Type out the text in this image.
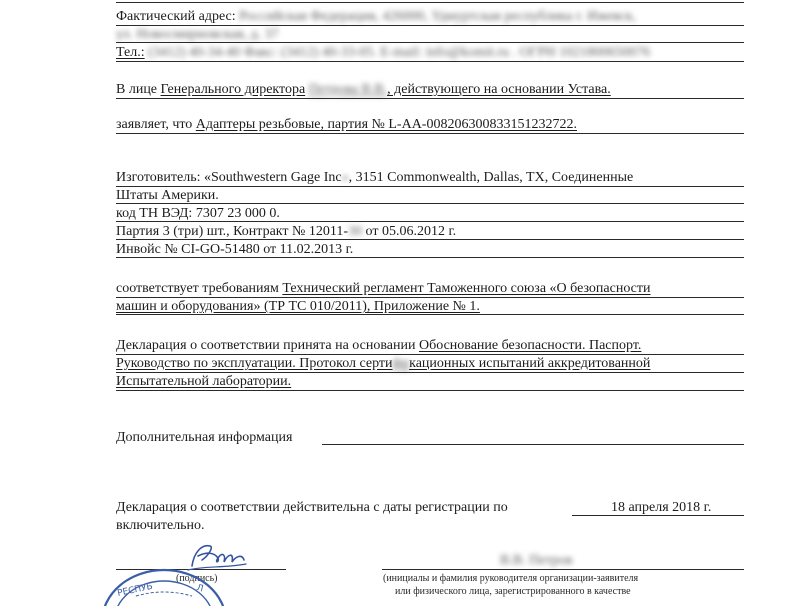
Фактический адрес: Российская Федерация, 426000, Удмуртская республика г. Ижевск,
ул. Новосмирновская, д. 37
Тел.: (3412) 40-34-40 Факс: (3412) 40-33-05. E-mail: info@komit.ru . ОГРН 1021800650076
В лице Генерального директора Петрова В.В., действующего на основании Устава.
заявляет, что Адаптеры резьбовые, партия № L-AA-008206300833151232722.
Изготовитель: «Southwestern Gage Inc», 3151 Commonwealth, Dallas, TX, Соединенные
Штаты Америки.
код ТН ВЭД: 7307 23 000 0.
Партия 3 (три) шт., Контракт № 12011-30 от 05.06.2012 г.
Инвойс № CI-GO-51480 от 11.02.2013 г.
соответствует требованиям Технический регламент Таможенного союза «О безопасности
машин и оборудования» (ТР ТС 010/2011), Приложение № 1.
Декларация о соответствии принята на основании Обоснование безопасности. Паспорт.
Руководство по эксплуатации. Протокол сертификационных испытаний аккредитованной
Испытательной лаборатории.
Дополнительная информация
Декларация о соответствии действительна с даты регистрации по	18 апреля 2018 г.
включительно.
(подпись)
В.В. Петров
(инициалы и фамилия руководителя организации-заявителя
или физического лица, зарегистрированного в качестве
РЕСПУБ	Л
